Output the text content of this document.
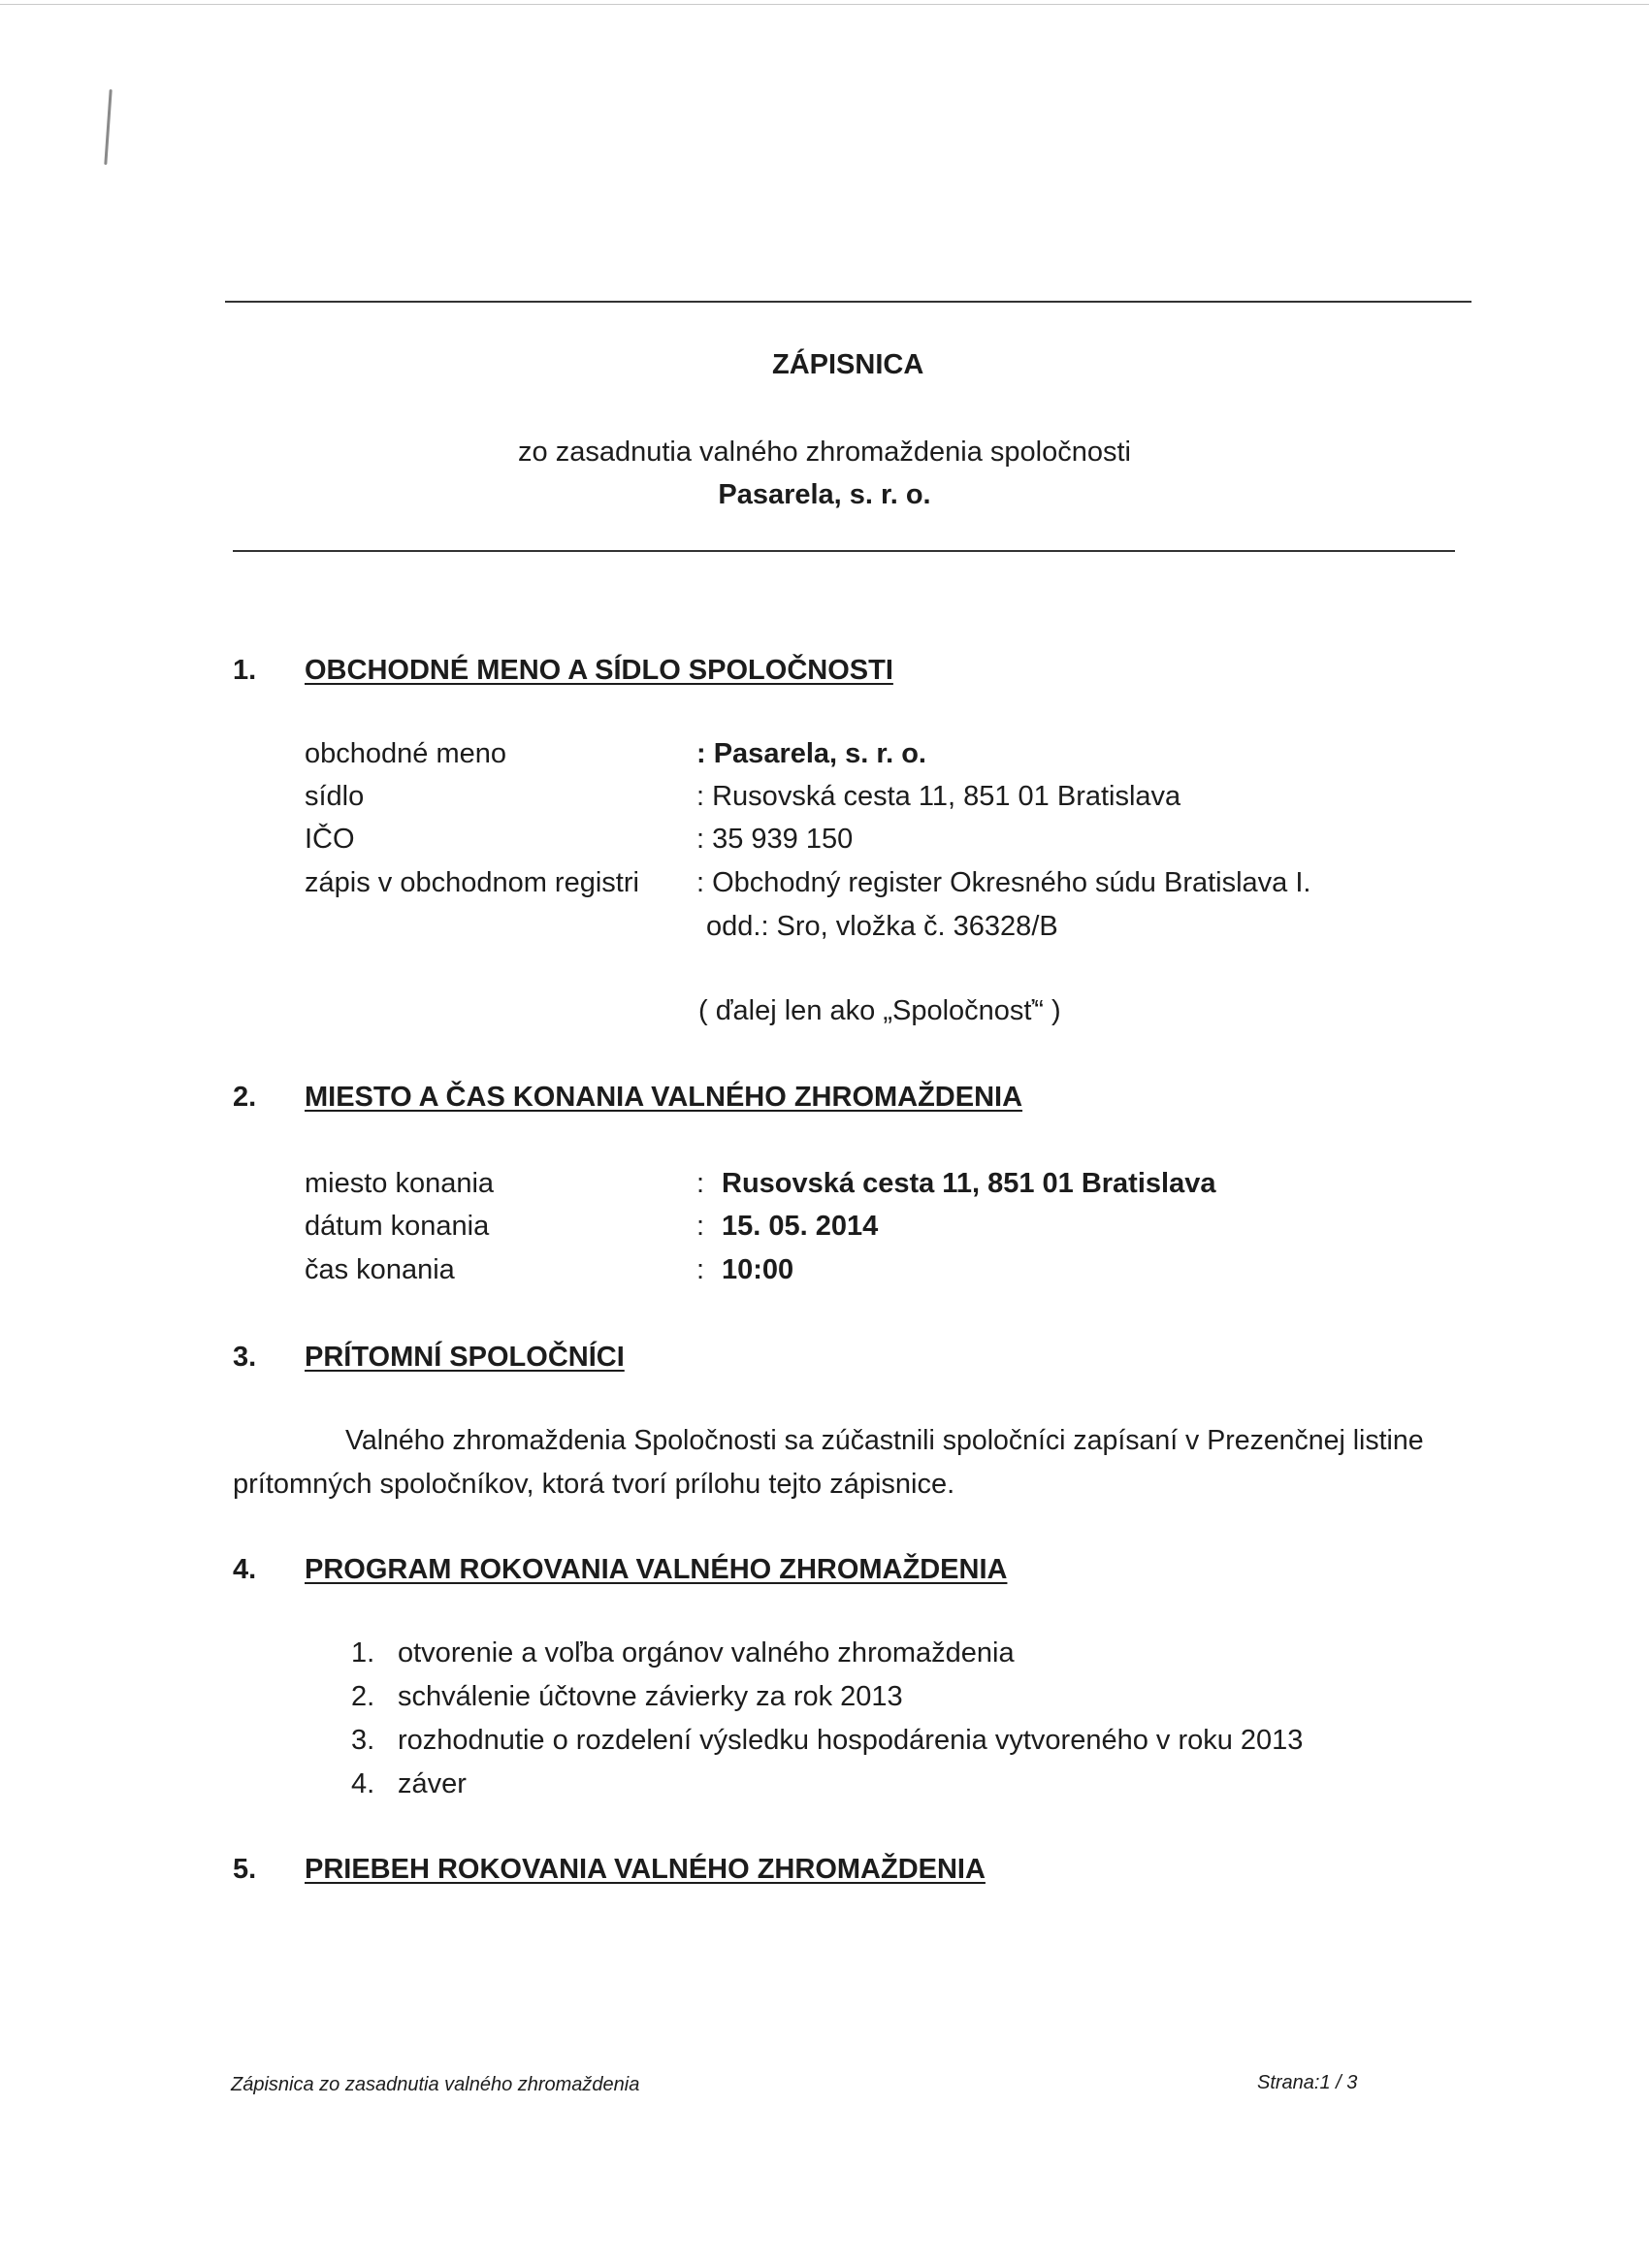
ZÁPISNICA
zo zasadnutia valného zhromaždenia spoločnosti
Pasarela, s. r. o.
1. OBCHODNÉ MENO A SÍDLO SPOLOČNOSTI
obchodné meno	: Pasarela, s. r. o.
sídlo	: Rusovská cesta 11, 851 01 Bratislava
IČO	: 35 939 150
zápis v obchodnom registri : Obchodný register Okresného súdu Bratislava I.
odd.: Sro, vložka č. 36328/B
( ďalej len ako „Spoločnosť“ )
2. MIESTO A ČAS KONANIA VALNÉHO ZHROMAŽDENIA
miesto konania	: Rusovská cesta 11, 851 01 Bratislava
dátum konania	: 15. 05. 2014
čas konania	: 10:00
3. PRÍTOMNÍ SPOLOČNÍCI
Valného zhromaždenia Spoločnosti sa zúčastnili spoločníci zapísaní v Prezenčnej listine
prítomných spoločníkov, ktorá tvorí prílohu tejto zápisnice.
4. PROGRAM ROKOVANIA VALNÉHO ZHROMAŽDENIA
1. otvorenie a voľba orgánov valného zhromaždenia
2. schválenie účtovne závierky za rok 2013
3. rozhodnutie o rozdelení výsledku hospodárenia vytvoreného v roku 2013
4. záver
5. PRIEBEH ROKOVANIA VALNÉHO ZHROMAŽDENIA
Zápisnica zo zasadnutia valného zhromaždenia	Strana:1 / 3
